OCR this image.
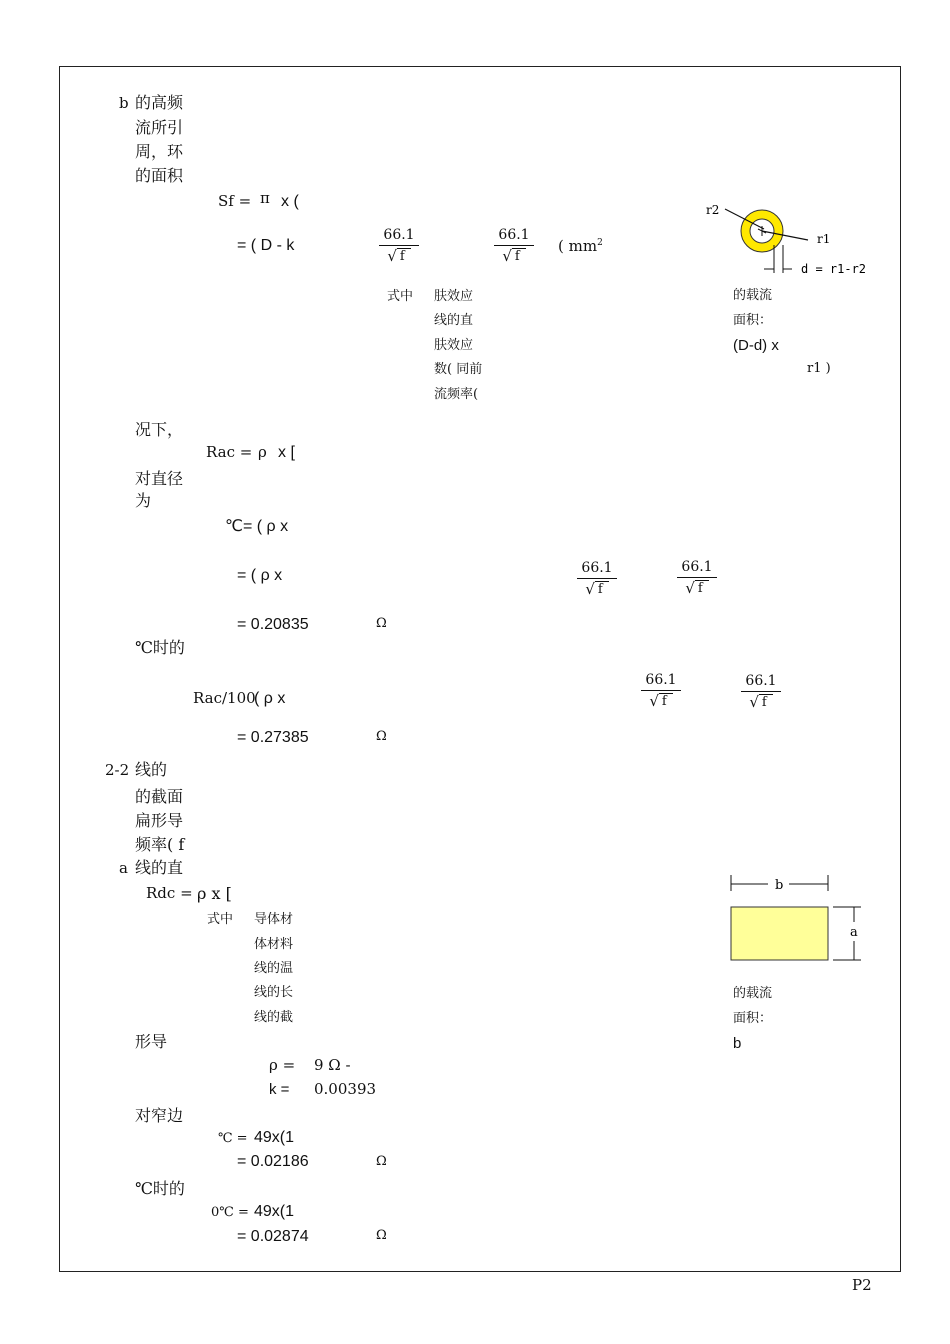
b 的高频
流所引
周，环
的面积
Sf = π x (
= ( D - k	$\frac{66.1}{√ f}$	$\frac{66.1}{√ f}$ ( $mm^2$
式中 肤效应
线的直
肤效应
数( 同前
流频率(
r2
r1
d = r1-r2
的载流
面积：
(D-d) x
r1 )
况下，
Rac = ρ x [
对直径
为
℃= ( ρ x
= ( ρ x	$\frac{66.1}{√ f}$	$\frac{66.1}{√ f}$
= 0.20835	Ω
℃时的
Rac/100
( ρ x	$\frac{66.1}{√ f}$	$\frac{66.1}{√ f}$
= 0.27385	Ω
2-2 线的
的截面
扁形导
频率( f
a 线的直
Rdc = ρ x [
式中 导体材
体材料
线的温
线的长
线的截
形导
ρ = 9 Ω -
k = 0.00393
对窄边
℃ = 49x(1
= 0.02186	Ω
℃时的
0℃ = 49x(1
= 0.02874	Ω
b
a
的载流
面积：
b
P2
